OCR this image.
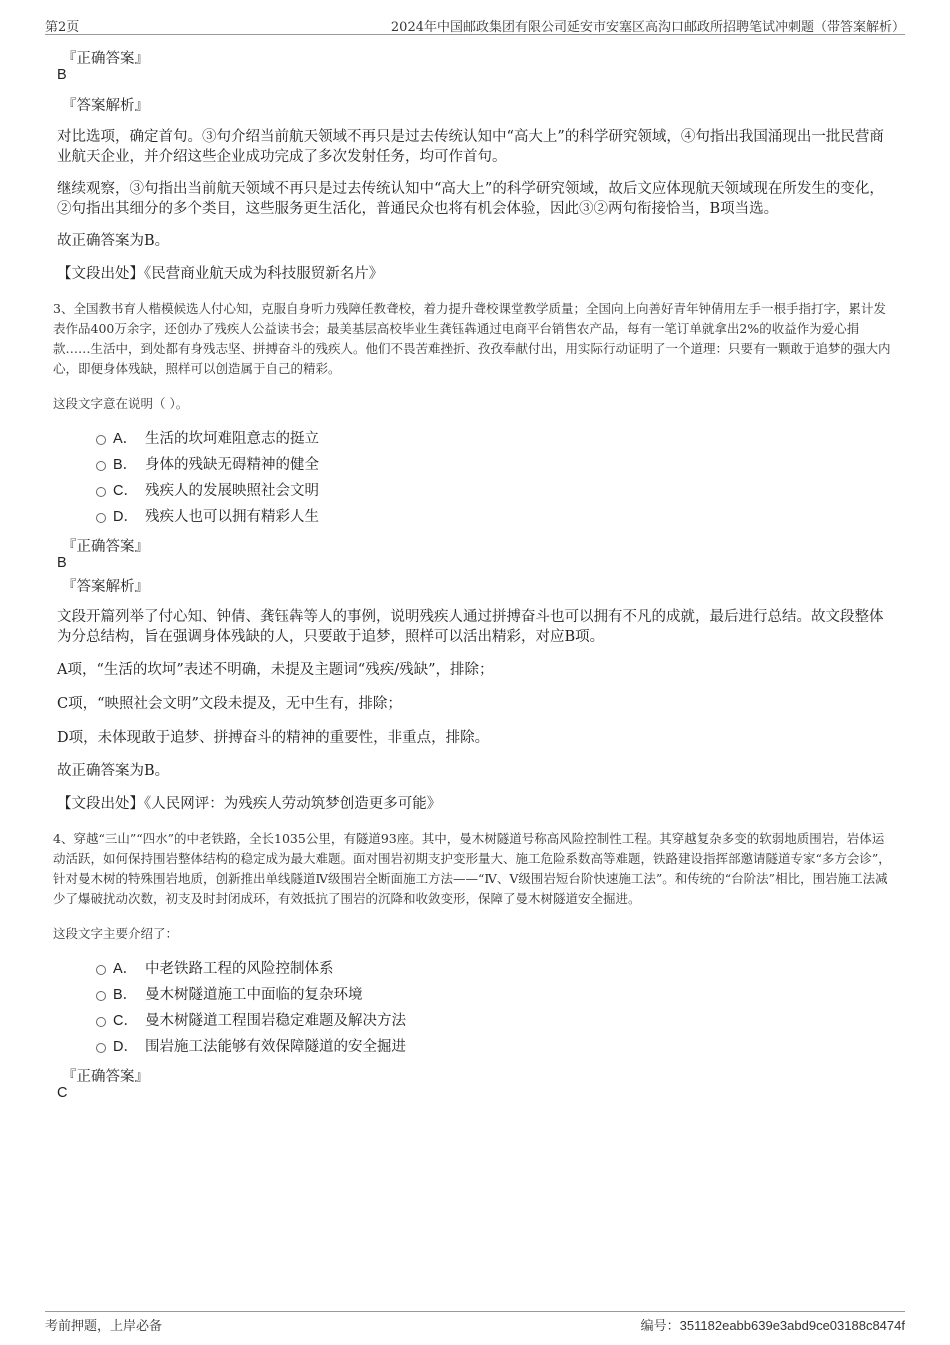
第2页	2024年中国邮政集团有限公司延安市安塞区高沟口邮政所招聘笔试冲刺题（带答案解析）
『正确答案』
B
『答案解析』
对比选项，确定首句。③句介绍当前航天领域不再只是过去传统认知中“高大上”的科学研究领域，④句指出我国涌现出一批民营商业航天企业，并介绍这些企业成功完成了多次发射任务，均可作首句。
继续观察，③句指出当前航天领域不再只是过去传统认知中“高大上”的科学研究领域，故后文应体现航天领域现在所发生的变化，②句指出其细分的多个类目，这些服务更生活化，普通民众也将有机会体验，因此③②两句衔接恰当，B项当选。
故正确答案为B。
【文段出处】《民营商业航天成为科技服贸新名片》
3、全国教书育人楷模候选人付心知，克服自身听力残障任教聋校，着力提升聋校课堂教学质量；全国向上向善好青年钟倩用左手一根手指打字，累计发表作品400万余字，还创办了残疾人公益读书会；最美基层高校毕业生龚钰犇通过电商平台销售农产品，每有一笔订单就拿出2%的收益作为爱心捐款……生活中，到处都有身残志坚、拼搏奋斗的残疾人。他们不畏苦难挫折、孜孜奉献付出，用实际行动证明了一个道理：只要有一颗敢于追梦的强大内心，即便身体残缺，照样可以创造属于自己的精彩。
这段文字意在说明（ ）。
A． 生活的坎坷难阻意志的挺立
B． 身体的残缺无碍精神的健全
C． 残疾人的发展映照社会文明
D． 残疾人也可以拥有精彩人生
『正确答案』
B
『答案解析』
文段开篇列举了付心知、钟倩、龚钰犇等人的事例，说明残疾人通过拼搏奋斗也可以拥有不凡的成就，最后进行总结。故文段整体为分总结构，旨在强调身体残缺的人，只要敢于追梦，照样可以活出精彩，对应B项。
A项，“生活的坎坷”表述不明确，未提及主题词“残疾/残缺”，排除；
C项，“映照社会文明”文段未提及，无中生有，排除；
D项，未体现敢于追梦、拼搏奋斗的精神的重要性，非重点，排除。
故正确答案为B。
【文段出处】《人民网评：为残疾人劳动筑梦创造更多可能》
4、穿越“三山”“四水”的中老铁路，全长1035公里，有隧道93座。其中，曼木树隧道号称高风险控制性工程。其穿越复杂多变的软弱地质围岩，岩体运动活跃，如何保持围岩整体结构的稳定成为最大难题。面对围岩初期支护变形量大、施工危险系数高等难题，铁路建设指挥部邀请隧道专家“多方会诊”，针对曼木树的特殊围岩地质，创新推出单线隧道Ⅳ级围岩全断面施工方法——“Ⅳ、Ⅴ级围岩短台阶快速施工法”。和传统的“台阶法”相比，围岩施工法减少了爆破扰动次数，初支及时封闭成环，有效抵抗了围岩的沉降和收敛变形，保障了曼木树隧道安全掘进。
这段文字主要介绍了：
A． 中老铁路工程的风险控制体系
B． 曼木树隧道施工中面临的复杂环境
C． 曼木树隧道工程围岩稳定难题及解决方法
D． 围岩施工法能够有效保障隧道的安全掘进
『正确答案』
C
考前押题，上岸必备	编号：351182eabb639e3abd9ce03188c8474f
